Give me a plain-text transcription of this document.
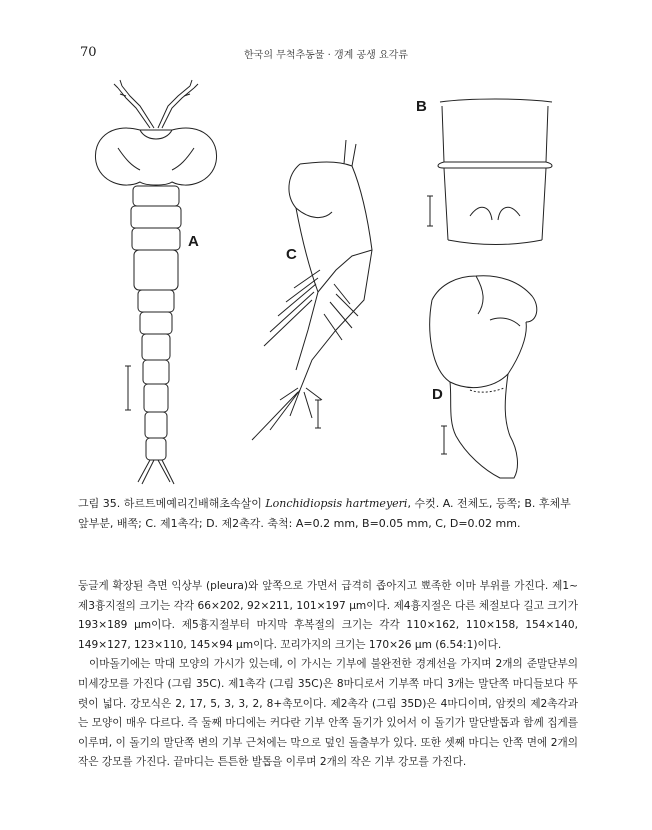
70	한국의 무척추동물 · 갱계 공생 요각류
A
B
C
D
그림 35. 하르트메예리긴배해초속살이 Lonchidiopsis hartmeyeri, 수컷. A. 전체도, 등쪽; B. 후체부 앞부분, 배쪽; C. 제1촉각; D. 제2촉각. 축척: A=0.2 mm, B=0.05 mm, C, D=0.02 mm.

둥글게 확장된 측면 익상부 (pleura)와 앞쪽으로 가면서 급격히 좁아지고 뾰족한 이마 부위를 가진다. 제1~제3흉지절의 크기는 각각 66×202, 92×211, 101×197 μm이다. 제4흉지절은 다른 체절보다 길고 크기가 193×189 μm이다. 제5흉지절부터 마지막 후복절의 크기는 각각 110×162, 110×158, 154×140, 149×127, 123×110, 145×94 μm이다. 꼬리가지의 크기는 170×26 μm (6.54:1)이다.

이마돌기에는 막대 모양의 가시가 있는데, 이 가시는 기부에 불완전한 경계선을 가지며 2개의 준말단부의 미세강모를 가진다 (그림 35C). 제1촉각 (그림 35C)은 8마디로서 기부쪽 마디 3개는 말단쪽 마디들보다 뚜렷이 넓다. 강모식은 2, 17, 5, 3, 3, 2, 8+촉모이다. 제2촉각 (그림 35D)은 4마디이며, 암컷의 제2촉각과는 모양이 매우 다르다. 즉 둘째 마디에는 커다란 기부 안쪽 돌기가 있어서 이 돌기가 말단발톱과 함께 집게를 이루며, 이 돌기의 말단쪽 변의 기부 근처에는 막으로 덮인 돌출부가 있다. 또한 셋째 마디는 안쪽 면에 2개의 작은 강모를 가진다. 끝마디는 튼튼한 발톱을 이루며 2개의 작은 기부 강모를 가진다.
